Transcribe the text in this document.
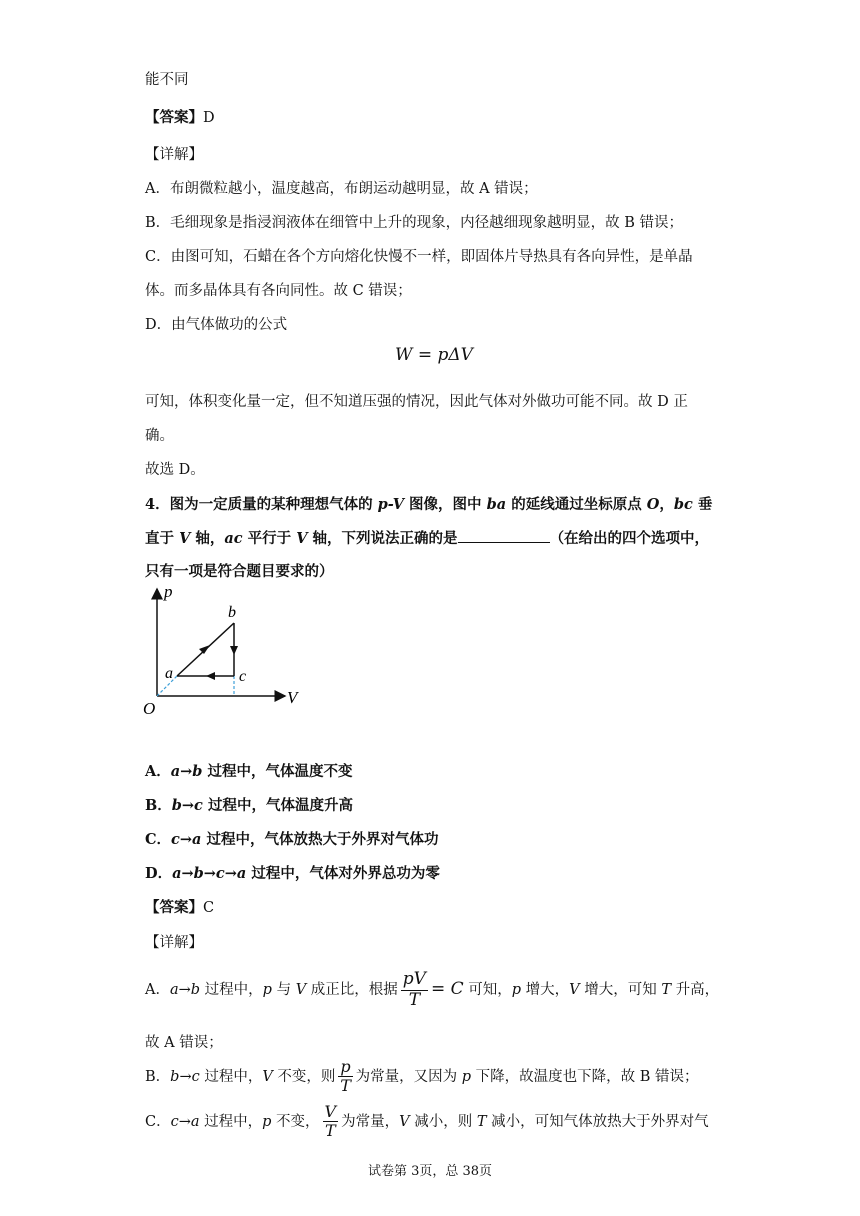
能不同
【答案】D
【详解】
A．布朗微粒越小，温度越高，布朗运动越明显，故 A 错误；
B．毛细现象是指浸润液体在细管中上升的现象，内径越细现象越明显，故 B 错误；
C．由图可知，石蜡在各个方向熔化快慢不一样，即固体片导热具有各向异性，是单晶
体。而多晶体具有各向同性。故 C 错误；
D．由气体做功的公式
W = pΔV
可知，体积变化量一定，但不知道压强的情况，因此气体对外做功可能不同。故 D 正
确。
故选 D。
4．图为一定质量的某种理想气体的 p-V 图像，图中 ba 的延线通过坐标原点 O，bc 垂
直于 V 轴，ac 平行于 V 轴，下列说法正确的是	（在给出的四个选项中，
只有一项是符合题目要求的）
p
V
O
a
b
c
A．a→b 过程中，气体温度不变
B．b→c 过程中，气体温度升高
C．c→a 过程中，气体放热大于外界对气体功
D．a→b→c→a 过程中，气体对外界总功为零
【答案】C
【详解】
A．a→b 过程中，p 与 V 成正比，根据 $\frac{pV}{T} = C$ 可知，p 增大，V 增大，可知 T 升高，
故 A 错误；
B．b→c 过程中，V 不变，则 $\frac{p}{T}$ 为常量，又因为 p 下降，故温度也下降，故 B 错误；
C．c→a 过程中，p 不变， $\frac{V}{T}$ 为常量，V 减小，则 T 减小，可知气体放热大于外界对气
试卷第 3页，总 38页
